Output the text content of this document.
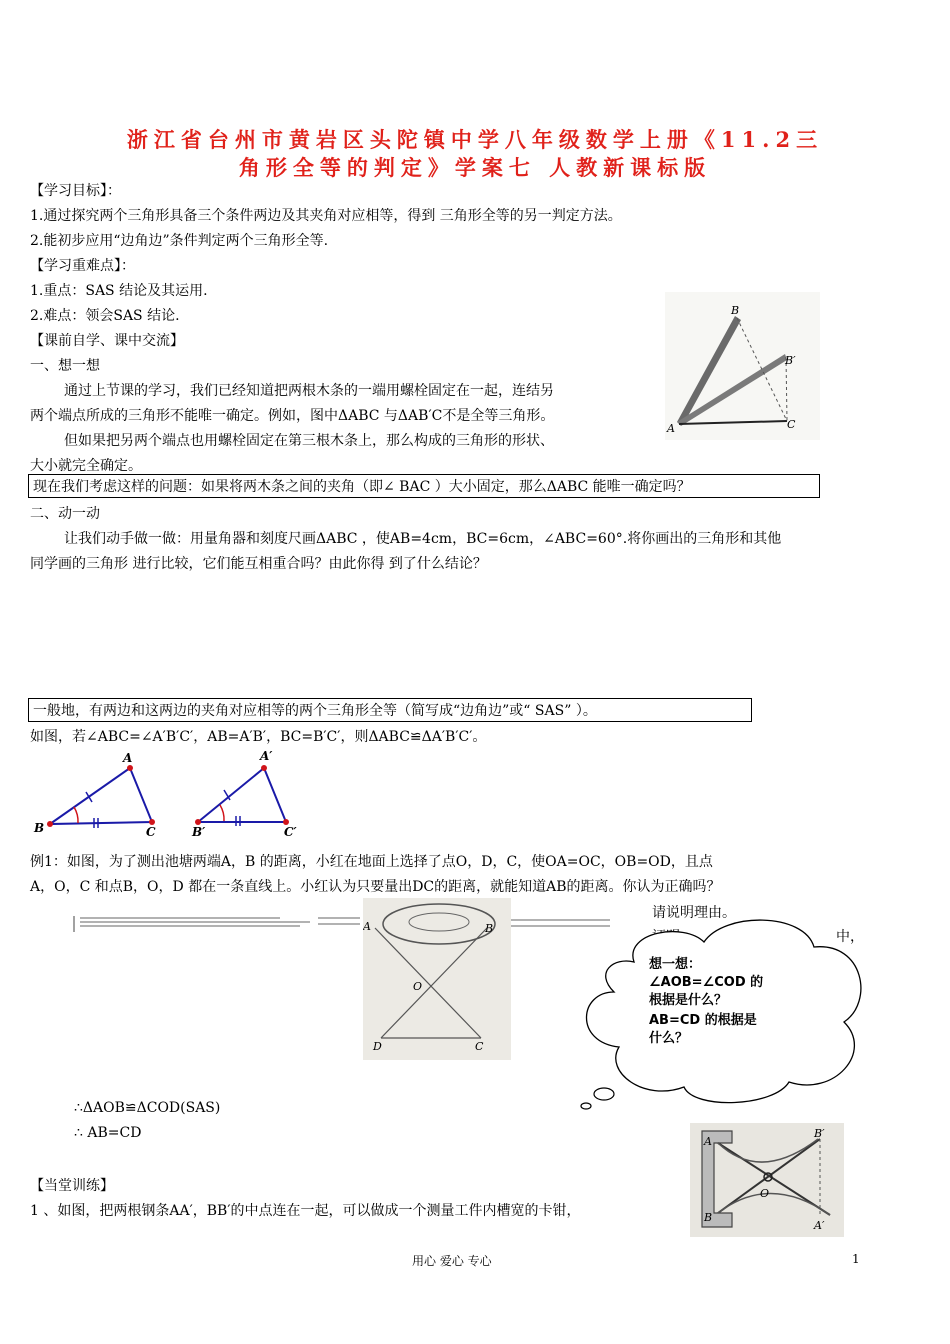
浙江省台州市黄岩区头陀镇中学八年级数学上册《11.2三
角形全等的判定》学案七 人教新课标版
【学习目标】：
1.通过探究两个三角形具备三个条件两边及其夹角对应相等，得到 三角形全等的另一判定方法。
2.能初步应用“边角边”条件判定两个三角形全等.
【学习重难点】：
1.重点：SAS 结论及其运用.
2.难点：领会SAS 结论.
【课前自学、课中交流】
一、想一想
通过上节课的学习，我们已经知道把两根木条的一端用螺栓固定在一起，连结另
两个端点所成的三角形不能唯一确定。例如，图中ΔABC 与ΔAB′C不是全等三角形。
但如果把另两个端点也用螺栓固定在第三根木条上，那么构成的三角形的形状、
大小就完全确定。
B
B′
A	C
现在我们考虑这样的问题：如果将两木条之间的夹角（即∠ BAC ）大小固定，那么ΔABC 能唯一确定吗？
二、动一动
让我们动手做一做：用量角器和刻度尺画ΔABC ，使AB=4cm，BC=6cm，∠ABC=60°.将你画出的三角形和其他
同学画的三角形 进行比较，它们能互相重合吗？由此你得 到了什么结论？
一般地，有两边和这两边的夹角对应相等的两个三角形全等（简写成“边角边”或“ SAS” ）。
如图，若∠ABC=∠A′B′C′，AB=A′B′，BC=B′C′，则ΔABC≌ΔA′B′C′。
A
B	C
A′
B′	C′
例1：如图，为了测出池塘两端A，B 的距离，小红在地面上选择了点O，D，C，使OA=OC，OB=OD，且点
A，O，C 和点B，O，D 都在一条直线上。小红认为只要量出DC的距离，就能知道AB的距离。你认为正确吗？
请说明理由。
中，
A	B
O
D	C
想一想：
∠AOB=∠COD 的
根据是什么？
AB=CD 的根据是
什么？
∴ΔAOB≌ΔCOD(SAS)
∴ AB=CD
【当堂训练】
1 、如图，把两根钢条AA′，BB′的中点连在一起，可以做成一个测量工件内槽宽的卡钳，
A
B
O
B′
A′
用心 爱心 专心	1
